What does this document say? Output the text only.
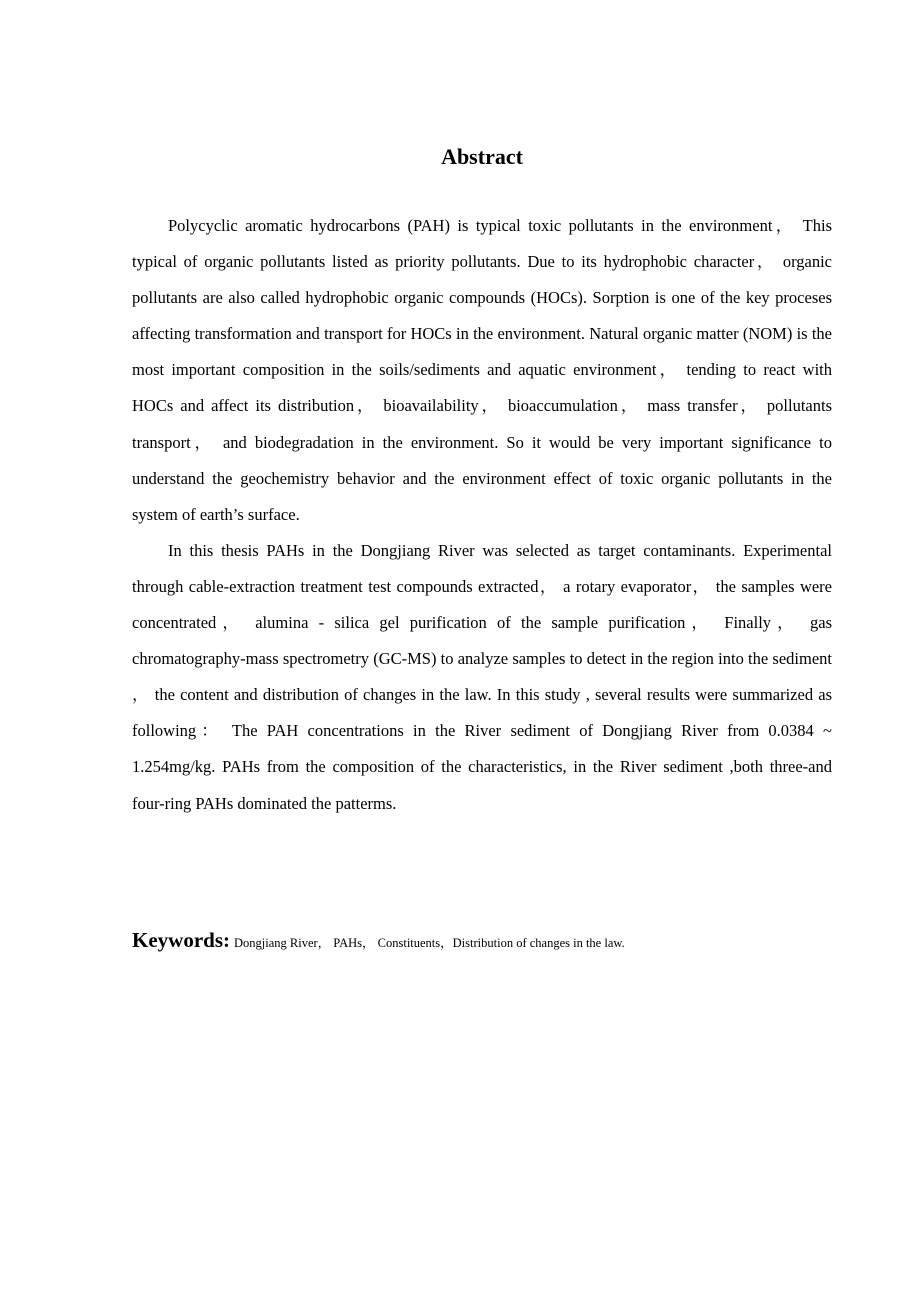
Abstract

Polycyclic aromatic hydrocarbons (PAH) is typical toxic pollutants in the environment， This typical of organic pollutants listed as priority pollutants. Due to its hydrophobic character， organic pollutants are also called hydrophobic organic compounds (HOCs). Sorption is one of the key proceses affecting transformation and transport for HOCs in the environment. Natural organic matter (NOM) is the most important composition in the soils/sediments and aquatic environment， tending to react with HOCs and affect its distribution， bioavailability， bioaccumulation， mass transfer， pollutants transport， and biodegradation in the environment. So it would be very important significance to understand the geochemistry behavior and the environment effect of toxic organic pollutants in the system of earth’s surface.

In this thesis PAHs in the Dongjiang River was selected as target contaminants. Experimental through cable-extraction treatment test compounds extracted， a rotary evaporator， the samples were concentrated， alumina - silica gel purification of the sample purification， Finally， gas chromatography-mass spectrometry (GC-MS) to analyze samples to detect in the region into the sediment ， the content and distribution of changes in the law. In this study , several results were summarized as following： The PAH concentrations in the River sediment of Dongjiang River from 0.0384 ~ 1.254mg/kg. PAHs from the composition of the characteristics, in the River sediment ,both three-and four-ring PAHs dominated the patterms.

Keywords: Dongjiang River， PAHs， Constituents，Distribution of changes in the law.
